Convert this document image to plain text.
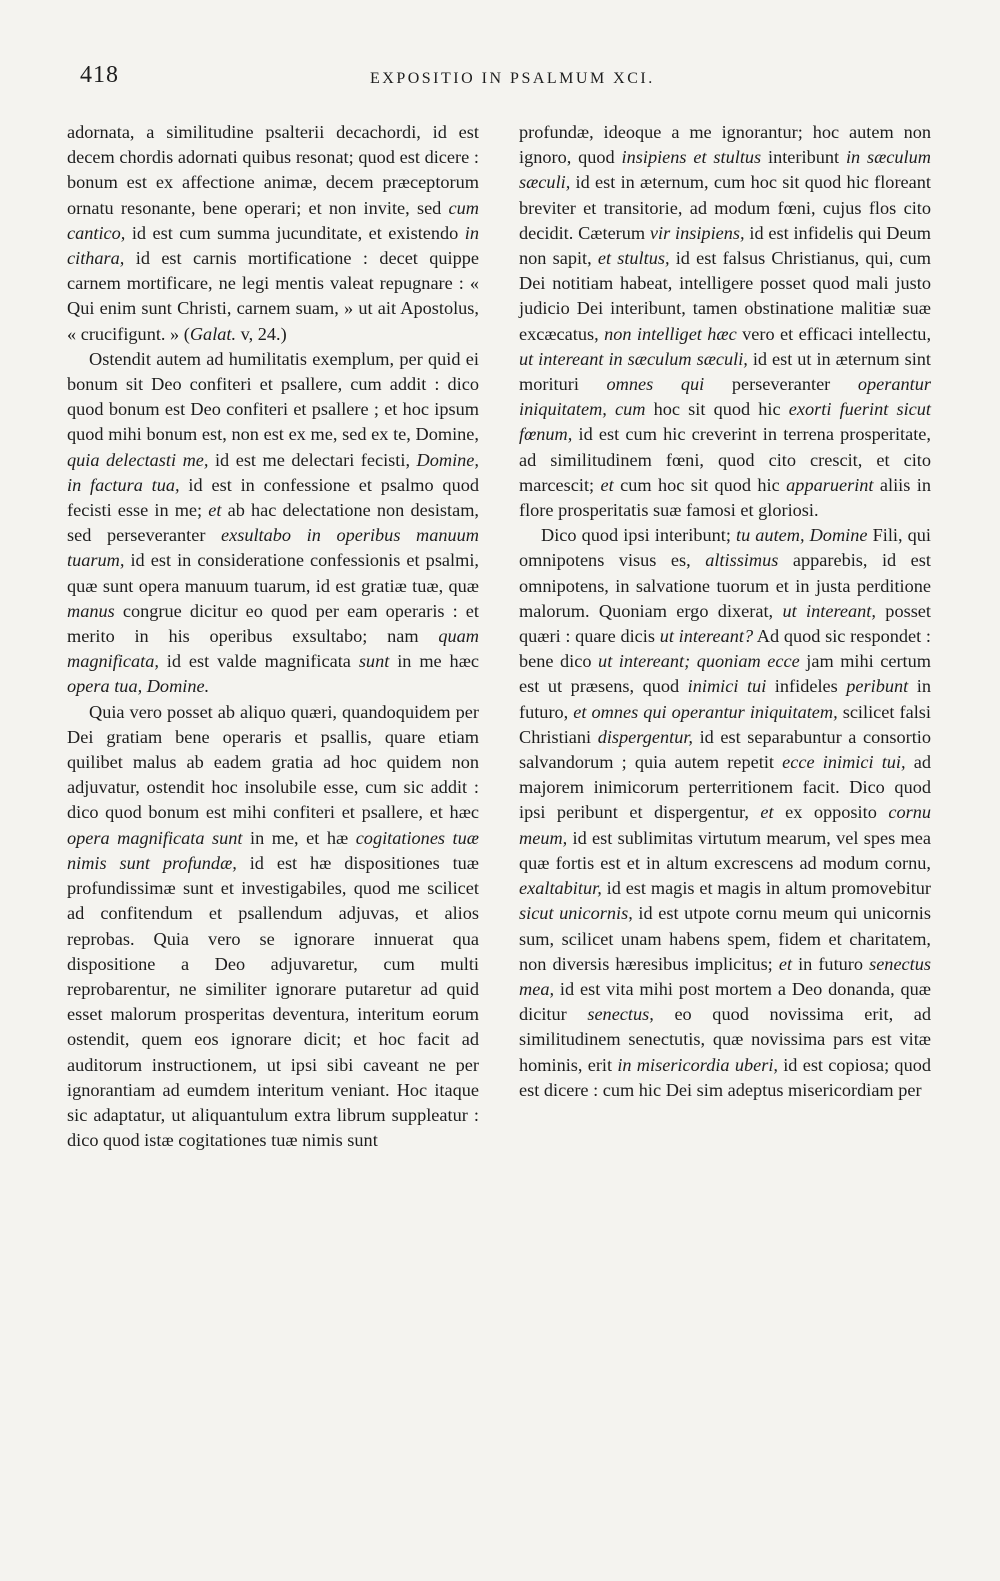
418	EXPOSITIO IN PSALMUM XCI.

adornata, a similitudine psalterii decachordi, id est decem chordis adornati quibus resonat; quod est dicere : bonum est ex affectione animæ, decem præceptorum ornatu resonante, bene operari; et non invite, sed cum cantico, id est cum summa jucunditate, et existendo in cithara, id est carnis mortificatione : decet quippe carnem mortificare, ne legi mentis valeat repugnare : « Qui enim sunt Christi, carnem suam, » ut ait Apostolus, « crucifigunt. » (Galat. v, 24.)

Ostendit autem ad humilitatis exemplum, per quid ei bonum sit Deo confiteri et psallere, cum addit : dico quod bonum est Deo confiteri et psallere ; et hoc ipsum quod mihi bonum est, non est ex me, sed ex te, Domine, quia delectasti me, id est me delectari fecisti, Domine, in factura tua, id est in confessione et psalmo quod fecisti esse in me; et ab hac delectatione non desistam, sed perseveranter exsultabo in operibus manuum tuarum, id est in consideratione confessionis et psalmi, quæ sunt opera manuum tuarum, id est gratiæ tuæ, quæ manus congrue dicitur eo quod per eam operaris : et merito in his operibus exsultabo; nam quam magnificata, id est valde magnificata sunt in me hæc opera tua, Domine.

Quia vero posset ab aliquo quæri, quandoquidem per Dei gratiam bene operaris et psallis, quare etiam quilibet malus ab eadem gratia ad hoc quidem non adjuvatur, ostendit hoc insolubile esse, cum sic addit : dico quod bonum est mihi confiteri et psallere, et hæc opera magnificata sunt in me, et hæ cogitationes tuæ nimis sunt profundæ, id est hæ dispositiones tuæ profundissimæ sunt et investigabiles, quod me scilicet ad confitendum et psallendum adjuvas, et alios reprobas. Quia vero se ignorare innuerat qua dispositione a Deo adjuvaretur, cum multi reprobarentur, ne similiter ignorare putaretur ad quid esset malorum prosperitas deventura, interitum eorum ostendit, quem eos ignorare dicit; et hoc facit ad auditorum instructionem, ut ipsi sibi caveant ne per ignorantiam ad eumdem interitum veniant. Hoc itaque sic adaptatur, ut aliquantulum extra librum suppleatur : dico quod istæ cogitationes tuæ nimis sunt

profundæ, ideoque a me ignorantur; hoc autem non ignoro, quod insipiens et stultus interibunt in sæculum sæculi, id est in æternum, cum hoc sit quod hic floreant breviter et transitorie, ad modum fœni, cujus flos cito decidit. Cæterum vir insipiens, id est infidelis qui Deum non sapit, et stultus, id est falsus Christianus, qui, cum Dei notitiam habeat, intelligere posset quod mali justo judicio Dei interibunt, tamen obstinatione malitiæ suæ excæcatus, non intelliget hæc vero et efficaci intellectu, ut intereant in sæculum sæculi, id est ut in æternum sint morituri omnes qui perseveranter operantur iniquitatem, cum hoc sit quod hic exorti fuerint sicut fœnum, id est cum hic creverint in terrena prosperitate, ad similitudinem fœni, quod cito crescit, et cito marcescit; et cum hoc sit quod hic apparuerint aliis in flore prosperitatis suæ famosi et gloriosi.

Dico quod ipsi interibunt; tu autem, Domine Fili, qui omnipotens visus es, altissimus apparebis, id est omnipotens, in salvatione tuorum et in justa perditione malorum. Quoniam ergo dixerat, ut intereant, posset quæri : quare dicis ut intereant? Ad quod sic respondet : bene dico ut intereant; quoniam ecce jam mihi certum est ut præsens, quod inimici tui infideles peribunt in futuro, et omnes qui operantur iniquitatem, scilicet falsi Christiani dispergentur, id est separabuntur a consortio salvandorum ; quia autem repetit ecce inimici tui, ad majorem inimicorum perterritionem facit. Dico quod ipsi peribunt et dispergentur, et ex opposito cornu meum, id est sublimitas virtutum mearum, vel spes mea quæ fortis est et in altum excrescens ad modum cornu, exaltabitur, id est magis et magis in altum promovebitur sicut unicornis, id est utpote cornu meum qui unicornis sum, scilicet unam habens spem, fidem et charitatem, non diversis hæresibus implicitus; et in futuro senectus mea, id est vita mihi post mortem a Deo donanda, quæ dicitur senectus, eo quod novissima erit, ad similitudinem senectutis, quæ novissima pars est vitæ hominis, erit in misericordia uberi, id est copiosa; quod est dicere : cum hic Dei sim adeptus misericordiam per
